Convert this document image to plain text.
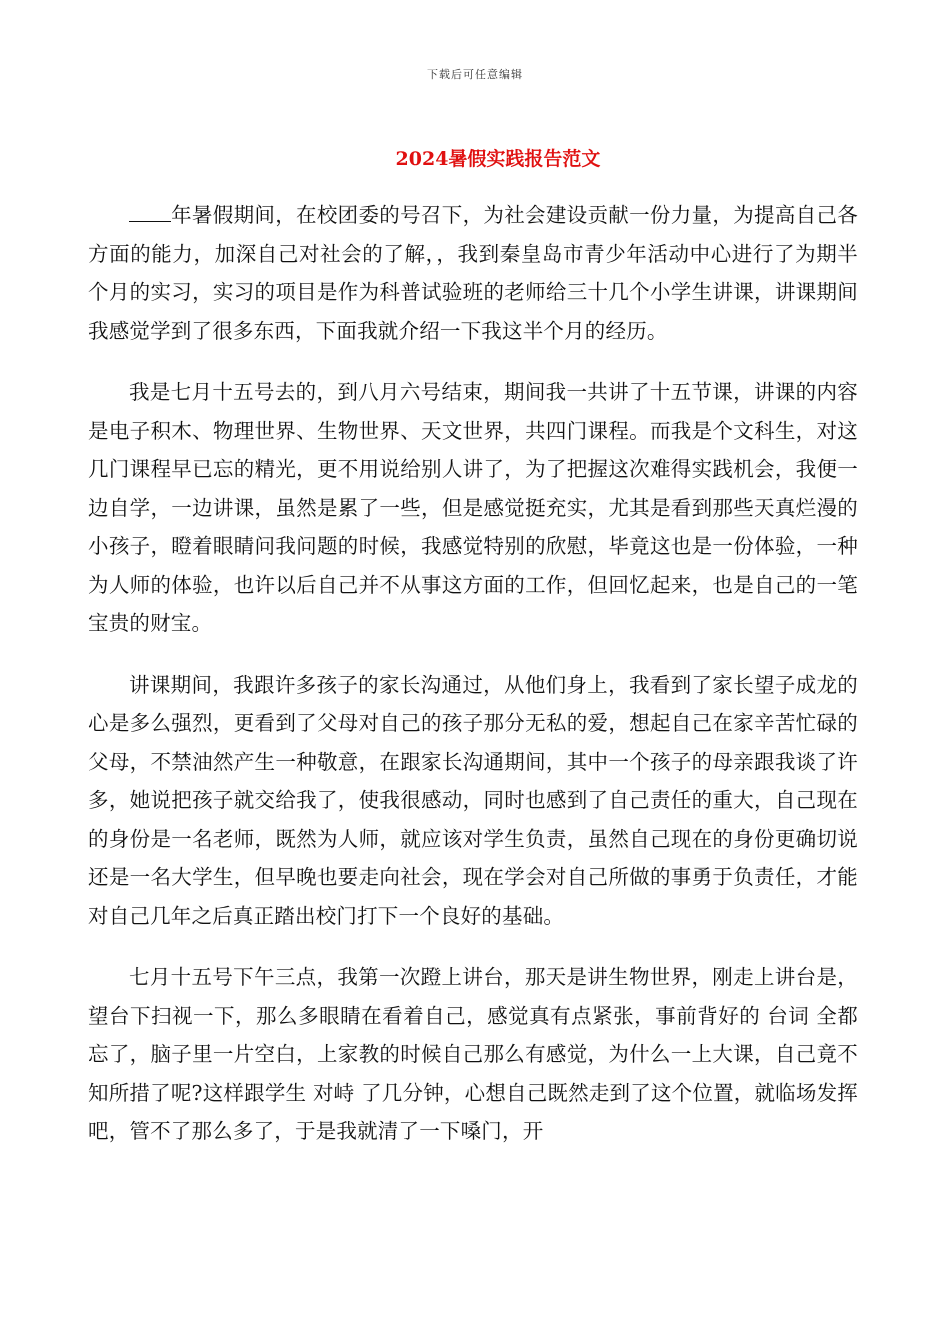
下载后可任意编辑
2024暑假实践报告范文

年暑假期间，在校团委的号召下，为社会建设贡献一份力量，为提高自己各方面的能力，加深自己对社会的了解，，我到秦皇岛市青少年活动中心进行了为期半个月的实习，实习的项目是作为科普试验班的老师给三十几个小学生讲课，讲课期间我感觉学到了很多东西，下面我就介绍一下我这半个月的经历。

我是七月十五号去的，到八月六号结束，期间我一共讲了十五节课，讲课的内容是电子积木、物理世界、生物世界、天文世界，共四门课程。而我是个文科生，对这几门课程早已忘的精光，更不用说给别人讲了，为了把握这次难得实践机会，我便一边自学，一边讲课，虽然是累了一些，但是感觉挺充实，尤其是看到那些天真烂漫的小孩子，瞪着眼睛问我问题的时候，我感觉特别的欣慰，毕竟这也是一份体验，一种为人师的体验，也许以后自己并不从事这方面的工作，但回忆起来，也是自己的一笔宝贵的财宝。

讲课期间，我跟许多孩子的家长沟通过，从他们身上，我看到了家长望子成龙的心是多么强烈，更看到了父母对自己的孩子那分无私的爱，想起自己在家辛苦忙碌的父母，不禁油然产生一种敬意，在跟家长沟通期间，其中一个孩子的母亲跟我谈了许多，她说把孩子就交给我了，使我很感动，同时也感到了自己责任的重大，自己现在的身份是一名老师，既然为人师，就应该对学生负责，虽然自己现在的身份更确切说还是一名大学生，但早晚也要走向社会，现在学会对自己所做的事勇于负责任，才能对自己几年之后真正踏出校门打下一个良好的基础。

七月十五号下午三点，我第一次蹬上讲台，那天是讲生物世界，刚走上讲台是，望台下扫视一下，那么多眼睛在看着自己，感觉真有点紧张，事前背好的 台词 全都忘了，脑子里一片空白，上家教的时候自己那么有感觉，为什么一上大课，自己竟不知所措了呢?这样跟学生 对峙 了几分钟，心想自己既然走到了这个位置，就临场发挥吧，管不了那么多了，于是我就清了一下嗓门，开
